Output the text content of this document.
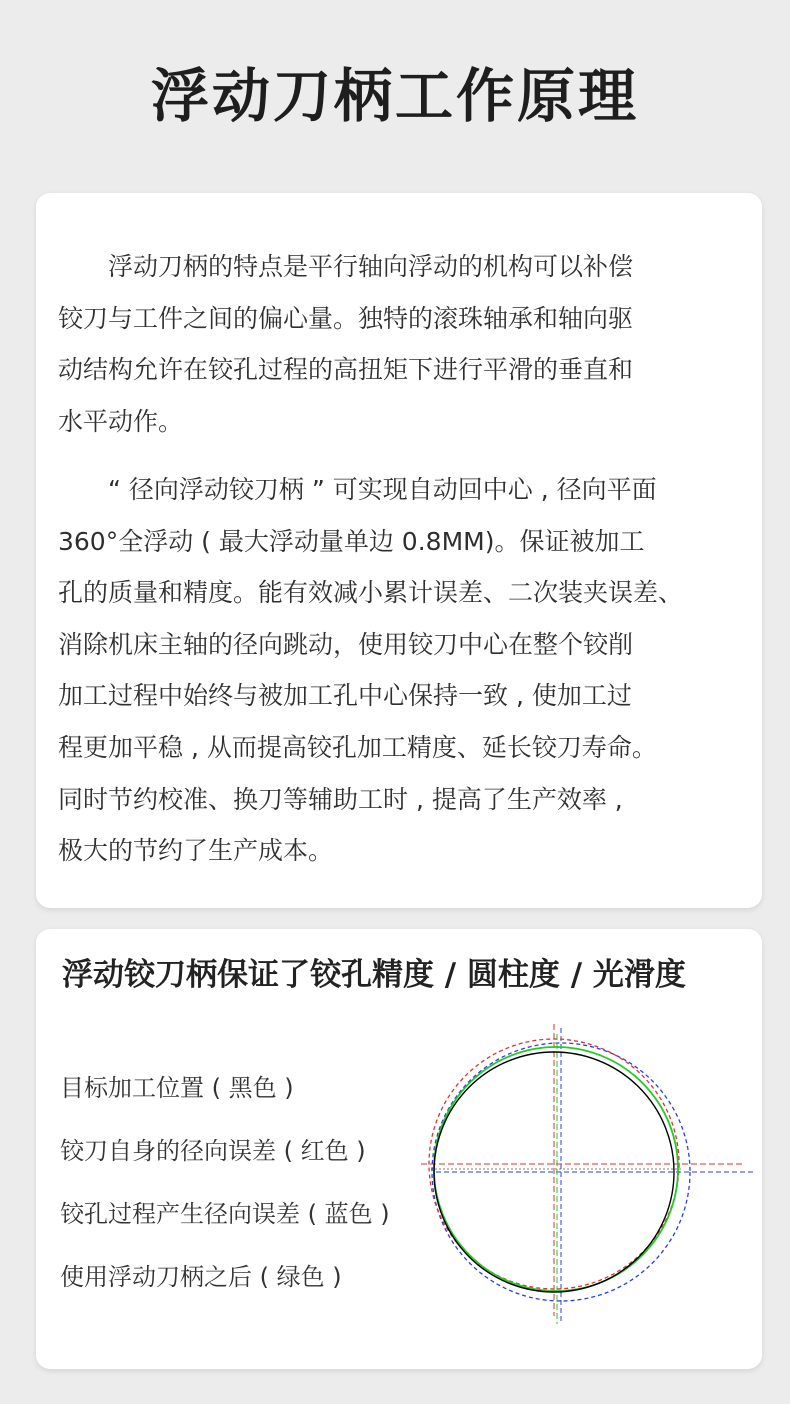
浮动刀柄工作原理
　　浮动刀柄的特点是平行轴向浮动的机构可以补偿
铰刀与工件之间的偏心量。独特的滚珠轴承和轴向驱
动结构允许在铰孔过程的高扭矩下进行平滑的垂直和
水平动作。
　　“ 径向浮动铰刀柄 ” 可实现自动回中心 , 径向平面
360°全浮动 ( 最大浮动量单边 0.8MM)。保证被加工
孔的质量和精度。能有效减小累计误差、二次装夹误差、
消除机床主轴的径向跳动，使用铰刀中心在整个铰削
加工过程中始终与被加工孔中心保持一致 , 使加工过
程更加平稳 , 从而提高铰孔加工精度、延长铰刀寿命。
同时节约校准、换刀等辅助工时 , 提高了生产效率 ,
极大的节约了生产成本。
浮动铰刀柄保证了铰孔精度 / 圆柱度 / 光滑度
目标加工位置 ( 黑色 )
铰刀自身的径向误差 ( 红色 )
铰孔过程产生径向误差 ( 蓝色 )
使用浮动刀柄之后 ( 绿色 )
